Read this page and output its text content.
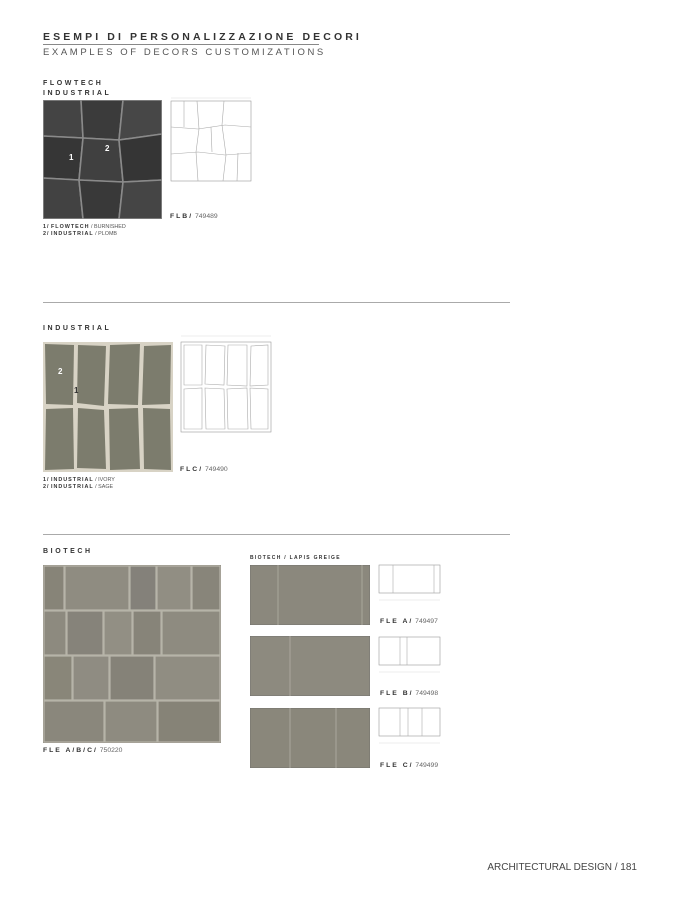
ESEMPI DI PERSONALIZZAZIONE DECORI
EXAMPLES OF DECORS CUSTOMIZATIONS
FLOWTECH
INDUSTRIAL
1
2
FLB/ 749489
1/ FLOWTECH / BURNISHED
2/ INDUSTRIAL / PLOMB
INDUSTRIAL
2
1
FLC/ 749490
1/ INDUSTRIAL / IVORY
2/ INDUSTRIAL / SAGE
BIOTECH
FLE A/B/C/ 750220
BIOTECH / LAPIS GREIGE
FLE A/ 749497
FLE B/ 749498
FLE C/ 749499
ARCHITECTURAL DESIGN / 181
